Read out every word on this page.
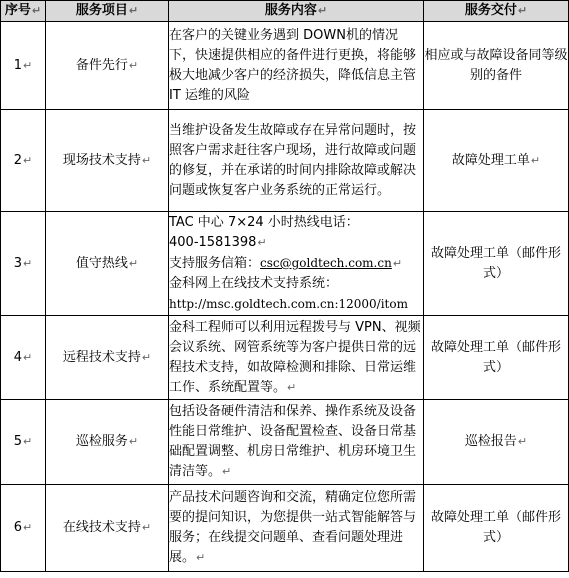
序号↵	服务项目↵	服务内容↵	服务交付↵
1↵	备件先行↵	在客户的关键业务遇到 DOWN机的情况下，快速提供相应的备件进行更换，将能够极大地减少客户的经济损失，降低信息主管 IT 运维的风险	相应或与故障设备同等级别的备件
2↵	现场技术支持↵	当维护设备发生故障或存在异常问题时，按照客户需求赶往客户现场，进行故障或问题的修复，并在承诺的时间内排除故障或解决问题或恢复客户业务系统的正常运行。	故障处理工单↵
3↵	值守热线↵	TAC 中心 7×24 小时热线电话：
400-1581398↵
支持服务信箱：csc@goldtech.com.cn↵
金科网上在线技术支持系统：
http://msc.goldtech.com.cn:12000/itom	故障处理工单（邮件形式）
4↵	远程技术支持↵	金科工程师可以利用远程拨号与 VPN、视频会议系统、网管系统等为客户提供日常的远程技术支持，如故障检测和排除、日常运维工作、系统配置等。↵	故障处理工单（邮件形式）
5↵	巡检服务↵	包括设备硬件清洁和保养、操作系统及设备性能日常维护、设备配置检查、设备日常基础配置调整、机房日常维护、机房环境卫生清洁等。↵	巡检报告↵
6↵	在线技术支持↵	产品技术问题咨询和交流，精确定位您所需要的提问知识，为您提供一站式智能解答与服务；在线提交问题单、查看问题处理进展。↵	故障处理工单（邮件形式）
